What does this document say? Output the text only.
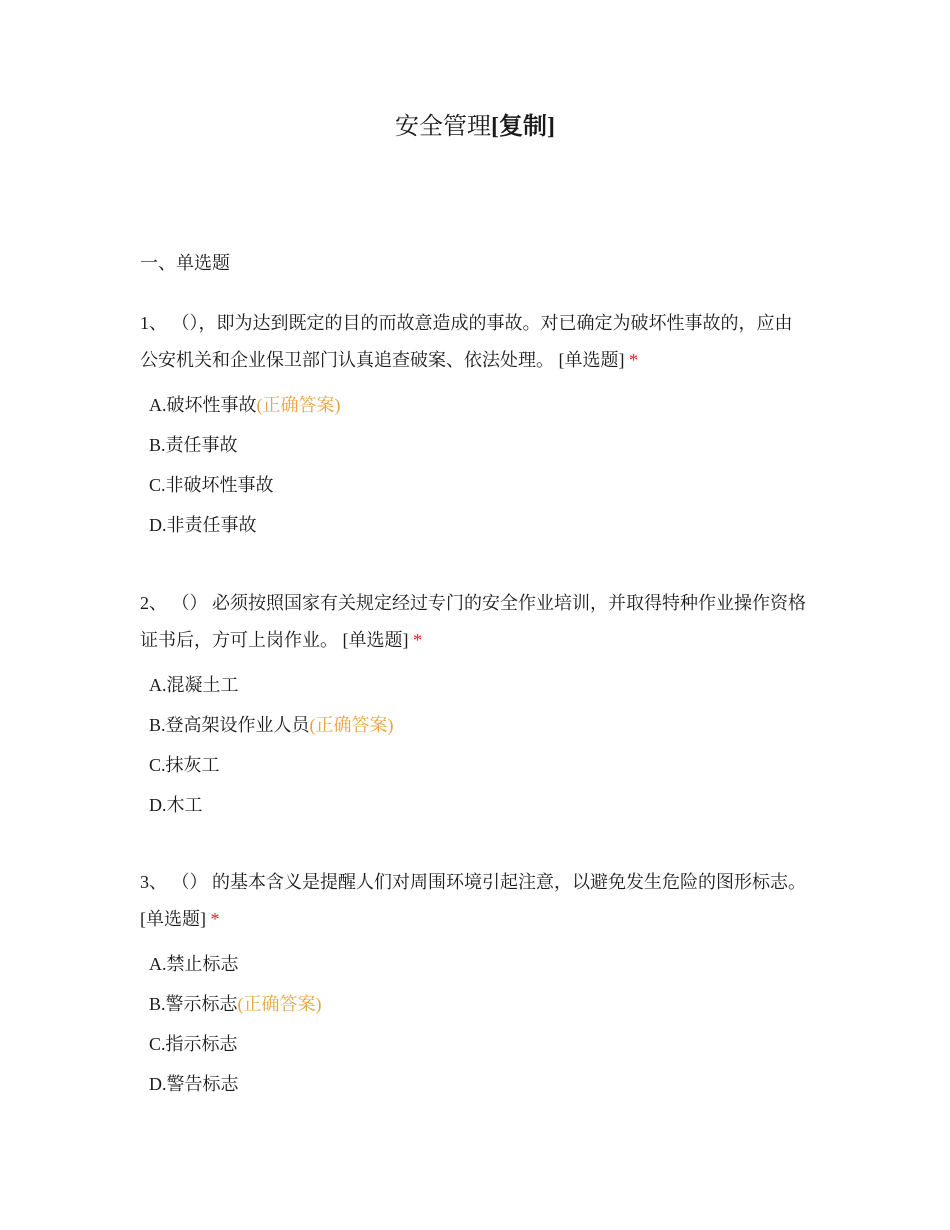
安全管理[复制]
一、单选题

1、 （），即为达到既定的目的而故意造成的事故。对已确定为破坏性事故的，应由公安机关和企业保卫部门认真追查破案、依法处理。 [单选题] *

A.破坏性事故(正确答案)
B.责任事故
C.非破坏性事故
D.非责任事故

2、 （） 必须按照国家有关规定经过专门的安全作业培训，并取得特种作业操作资格证书后，方可上岗作业。 [单选题] *

A.混凝土工
B.登高架设作业人员(正确答案)
C.抹灰工
D.木工

3、 （） 的基本含义是提醒人们对周围环境引起注意，以避免发生危险的图形标志。 [单选题] *

A.禁止标志
B.警示标志(正确答案)
C.指示标志
D.警告标志
